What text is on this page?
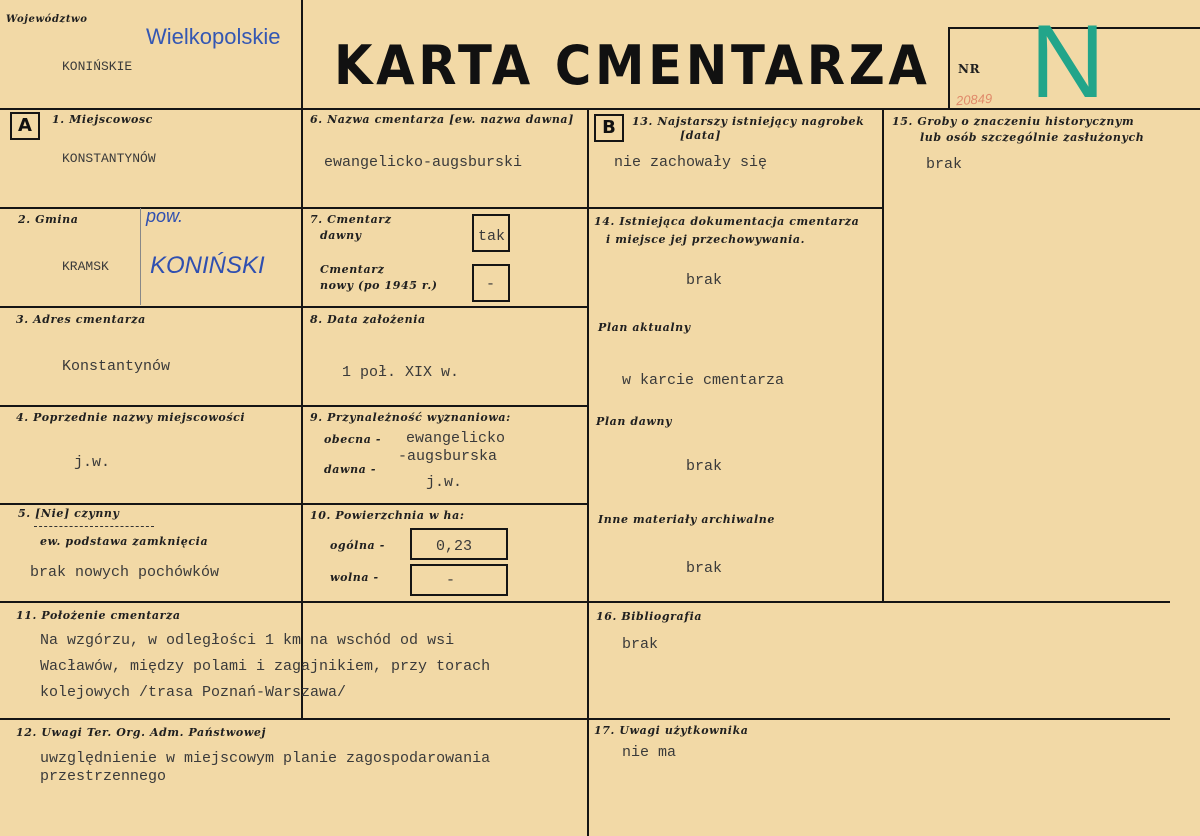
Województwo
KONIŃSKIE
Wielkopolskie KARTA CMENTARZA NR N
20849
A	B
1. Miejscowosc
KONSTANTYNÓW
2. Gmina	pow.
KRAMSK KONIŃSKI
3. Adres cmentarza
Konstantynów
4. Poprzednie nazwy miejscowości
j.w.
5. [Nie] czynny
ew. podstawa zamknięcia
brak nowych pochówków
6. Nazwa cmentarza [ew. nazwa dawna]
ewangelicko-augsburski
7. Cmentarz
dawny	tak
Cmentarz
nowy (po 1945 r.)	-
8. Data założenia
1 poł. XIX w.
9. Przynależność wyznaniowa:
obecna - ewangelicko
-augsburska
dawna -
j.w.
10. Powierzchnia w ha:
ogólna -	0,23
wolna -	-
11. Położenie cmentarza
Na wzgórzu, w odległości 1 km na wschód od wsi
Wacławów, między polami i zagajnikiem, przy torach
kolejowych /trasa Poznań-Warszawa/
12. Uwagi Ter. Org. Adm. Państwowej
uwzględnienie w miejscowym planie zagospodarowania
przestrzennego
13. Najstarszy istniejący nagrobek
[data]
nie zachowały się
14. Istniejąca dokumentacja cmentarza
i miejsce jej przechowywania.
brak
Plan aktualny
w karcie cmentarza
Plan dawny
brak
Inne materiały archiwalne
brak
15. Groby o znaczeniu historycznym
lub osób szczególnie zasłużonych
brak
16. Bibliografia
brak
17. Uwagi użytkownika
nie ma
